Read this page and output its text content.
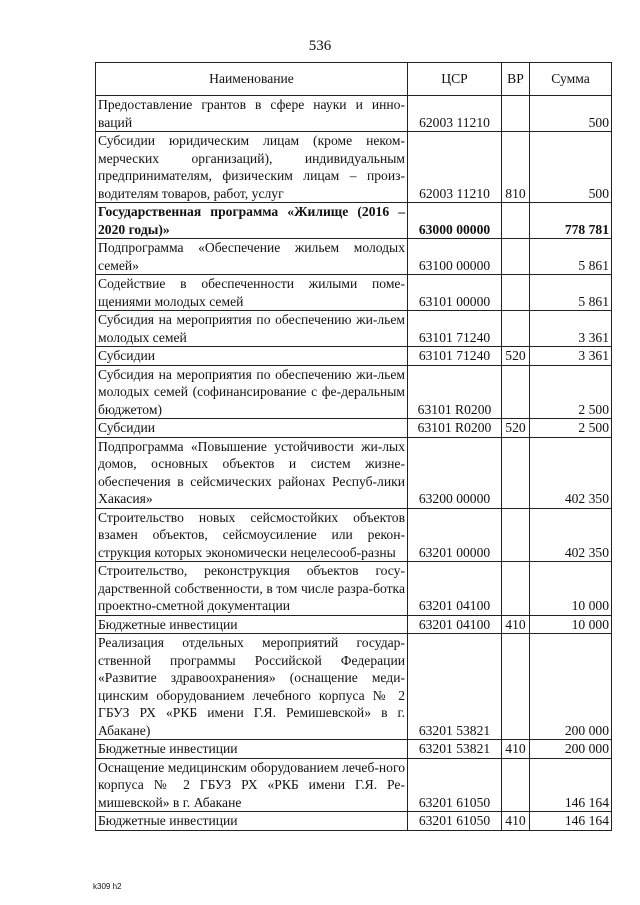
536
Наименование	ЦСР	ВР	Сумма
Предоставление грантов в сфере науки и инно-ваций	62003 11210		500
Субсидии юридическим лицам (кроме неком-мерческих организаций), индивидуальным предпринимателям, физическим лицам – произ-водителям товаров, работ, услуг	62003 11210	810	500
Государственная программа «Жилище (2016 – 2020 годы)»	63000 00000		778 781
Подпрограмма «Обеспечение жильем молодых семей»	63100 00000		5 861
Содействие в обеспеченности жилыми поме-щениями молодых семей	63101 00000		5 861
Субсидия на мероприятия по обеспечению жи-льем молодых семей	63101 71240		3 361
Субсидии	63101 71240	520	3 361
Субсидия на мероприятия по обеспечению жи-льем молодых семей (софинансирование с фе-деральным бюджетом)	63101 R0200		2 500
Субсидии	63101 R0200	520	2 500
Подпрограмма «Повышение устойчивости жи-лых домов, основных объектов и систем жизне-обеспечения в сейсмических районах Респуб-лики Хакасия»	63200 00000		402 350
Строительство новых сейсмостойких объектов взамен объектов, сейсмоусиление или рекон-струкция которых экономически нецелесооб-разны	63201 00000		402 350
Строительство, реконструкция объектов госу-дарственной собственности, в том числе разра-ботка проектно-сметной документации	63201 04100		10 000
Бюджетные инвестиции	63201 04100	410	10 000
Реализация отдельных мероприятий государ-ственной программы Российской Федерации «Развитие здравоохранения» (оснащение меди-цинским оборудованием лечебного корпуса № 2 ГБУЗ РХ «РКБ имени Г.Я. Ремишевской» в г. Абакане)	63201 53821		200 000
Бюджетные инвестиции	63201 53821	410	200 000
Оснащение медицинским оборудованием лечеб-ного корпуса № 2 ГБУЗ РХ «РКБ имени Г.Я. Ре-мишевской» в г. Абакане	63201 61050		146 164
Бюджетные инвестиции	63201 61050	410	146 164
k309 h2
